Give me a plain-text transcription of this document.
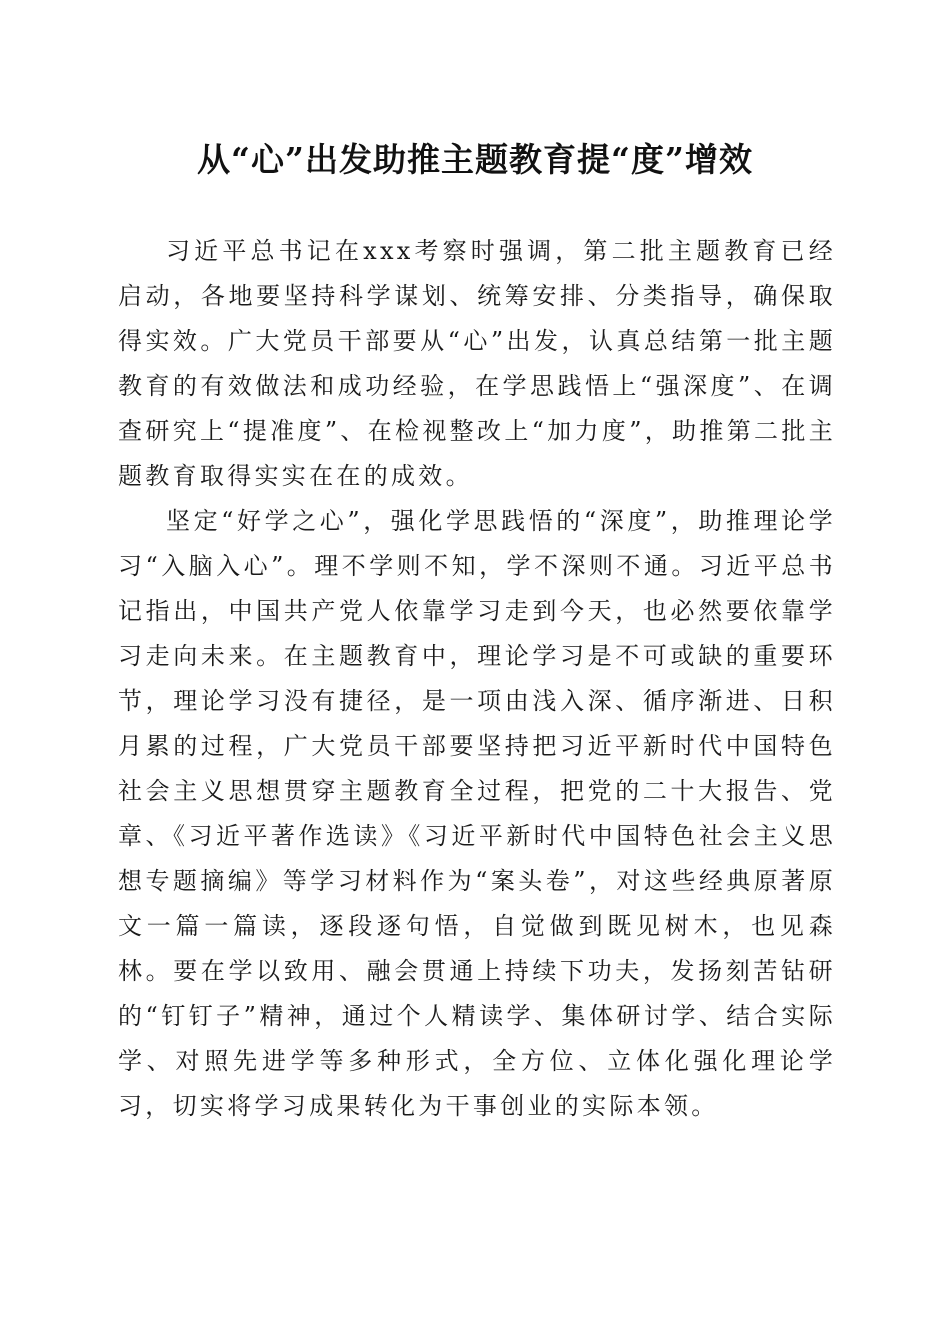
从“心”出发助推主题教育提“度”增效

习近平总书记在xxx考察时强调，第二批主题教育已经启动，各地要坚持科学谋划、统筹安排、分类指导，确保取得实效。广大党员干部要从“心”出发，认真总结第一批主题教育的有效做法和成功经验，在学思践悟上“强深度”、在调查研究上“提准度”、在检视整改上“加力度”，助推第二批主题教育取得实实在在的成效。

坚定“好学之心”，强化学思践悟的“深度”，助推理论学习“入脑入心”。理不学则不知，学不深则不通。习近平总书记指出，中国共产党人依靠学习走到今天，也必然要依靠学习走向未来。在主题教育中，理论学习是不可或缺的重要环节，理论学习没有捷径，是一项由浅入深、循序渐进、日积月累的过程，广大党员干部要坚持把习近平新时代中国特色社会主义思想贯穿主题教育全过程，把党的二十大报告、党章、《习近平著作选读》《习近平新时代中国特色社会主义思想专题摘编》等学习材料作为“案头卷”，对这些经典原著原文一篇一篇读，逐段逐句悟，自觉做到既见树木，也见森林。要在学以致用、融会贯通上持续下功夫，发扬刻苦钻研的“钉钉子”精神，通过个人精读学、集体研讨学、结合实际学、对照先进学等多种形式，全方位、立体化强化理论学习，切实将学习成果转化为干事创业的实际本领。
